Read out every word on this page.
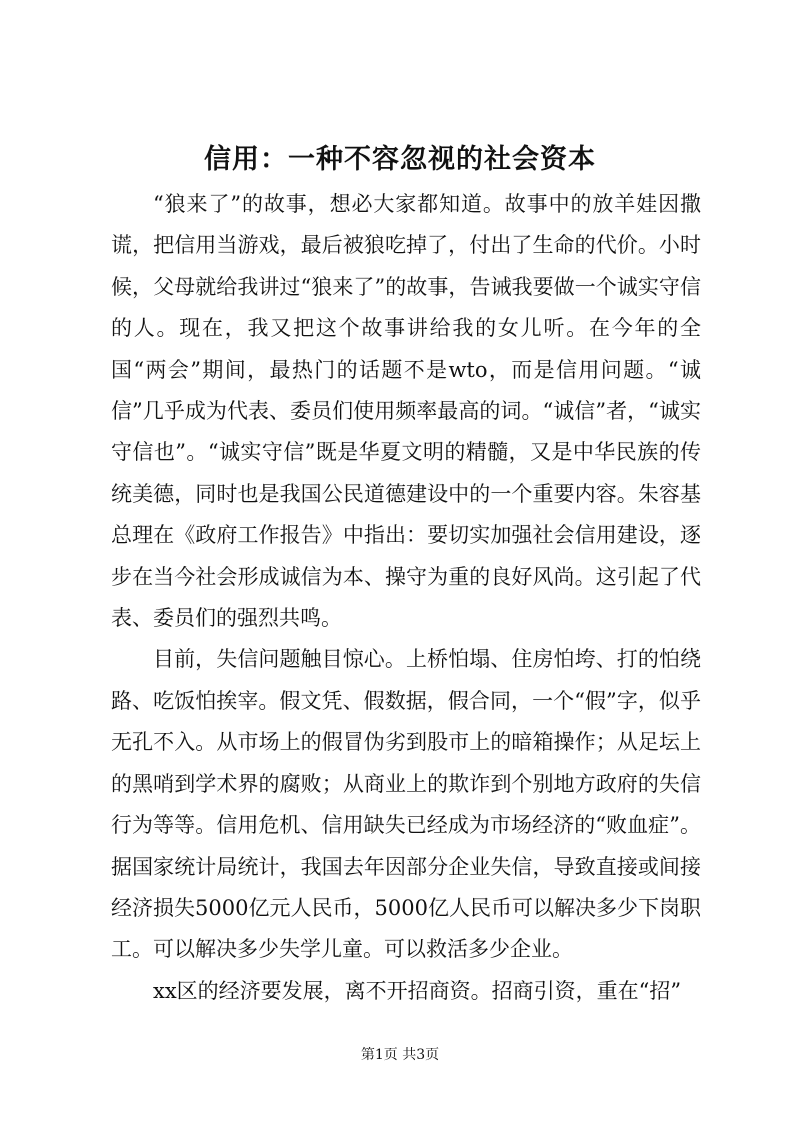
信用：一种不容忽视的社会资本

“狼来了”的故事，想必大家都知道。故事中的放羊娃因撒谎，把信用当游戏，最后被狼吃掉了，付出了生命的代价。小时候，父母就给我讲过“狼来了”的故事，告诫我要做一个诚实守信的人。现在，我又把这个故事讲给我的女儿听。在今年的全国“两会”期间，最热门的话题不是wto，而是信用问题。“诚信”几乎成为代表、委员们使用频率最高的词。“诚信”者，“诚实守信也”。“诚实守信”既是华夏文明的精髓，又是中华民族的传统美德，同时也是我国公民道德建设中的一个重要内容。朱容基总理在《政府工作报告》中指出：要切实加强社会信用建设，逐步在当今社会形成诚信为本、操守为重的良好风尚。这引起了代表、委员们的强烈共鸣。

目前，失信问题触目惊心。上桥怕塌、住房怕垮、打的怕绕路、吃饭怕挨宰。假文凭、假数据，假合同，一个“假”字，似乎无孔不入。从市场上的假冒伪劣到股市上的暗箱操作；从足坛上的黑哨到学术界的腐败；从商业上的欺诈到个别地方政府的失信行为等等。信用危机、信用缺失已经成为市场经济的“败血症”。据国家统计局统计，我国去年因部分企业失信，导致直接或间接经济损失5000亿元人民币，5000亿人民币可以解决多少下岗职工。可以解决多少失学儿童。可以救活多少企业。

xx区的经济要发展，离不开招商资。招商引资，重在“招”

第1页 共3页
